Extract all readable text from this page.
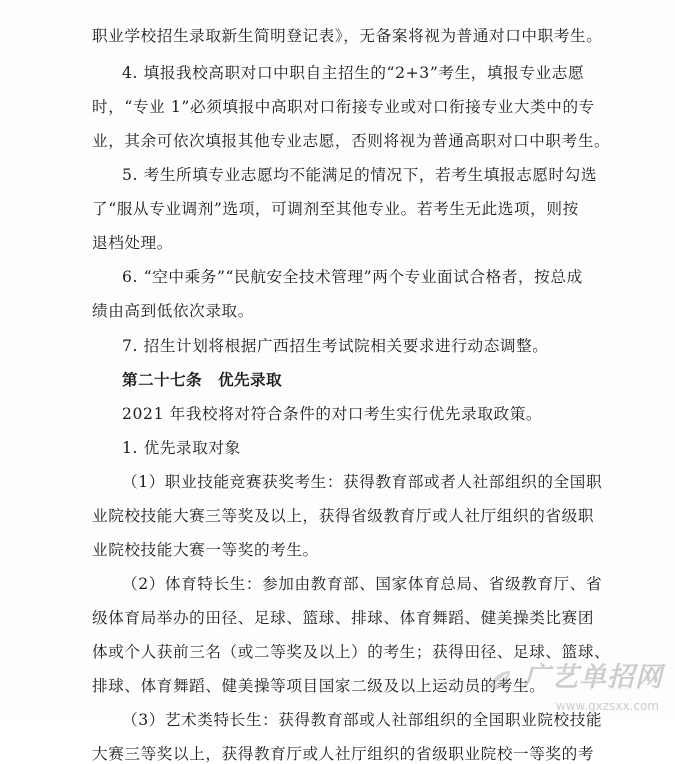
职业学校招生录取新生简明登记表》，无备案将视为普通对口中职考生。
4. 填报我校高职对口中职自主招生的“2+3”考生，填报专业志愿
时，“专业 1”必须填报中高职对口衔接专业或对口衔接专业大类中的专
业，其余可依次填报其他专业志愿，否则将视为普通高职对口中职考生。
5. 考生所填专业志愿均不能满足的情况下，若考生填报志愿时勾选
了“服从专业调剂”选项，可调剂至其他专业。若考生无此选项，则按
退档处理。
6. “空中乘务”“民航安全技术管理”两个专业面试合格者，按总成
绩由高到低依次录取。
7. 招生计划将根据广西招生考试院相关要求进行动态调整。
第二十七条　优先录取
2021 年我校将对符合条件的对口考生实行优先录取政策。
1. 优先录取对象
（1）职业技能竞赛获奖考生：获得教育部或者人社部组织的全国职
业院校技能大赛三等奖及以上，获得省级教育厅或人社厅组织的省级职
业院校技能大赛一等奖的考生。
（2）体育特长生：参加由教育部、国家体育总局、省级教育厅、省
级体育局举办的田径、足球、篮球、排球、体育舞蹈、健美操类比赛团
体或个人获前三名（或二等奖及以上）的考生；获得田径、足球、篮球、
排球、体育舞蹈、健美操等项目国家二级及以上运动员的考生。
（3）艺术类特长生：获得教育部或人社部组织的全国职业院校技能
大赛三等奖以上，获得教育厅或人社厅组织的省级职业院校一等奖的考
广艺单招网
www.gxzsxx.com
